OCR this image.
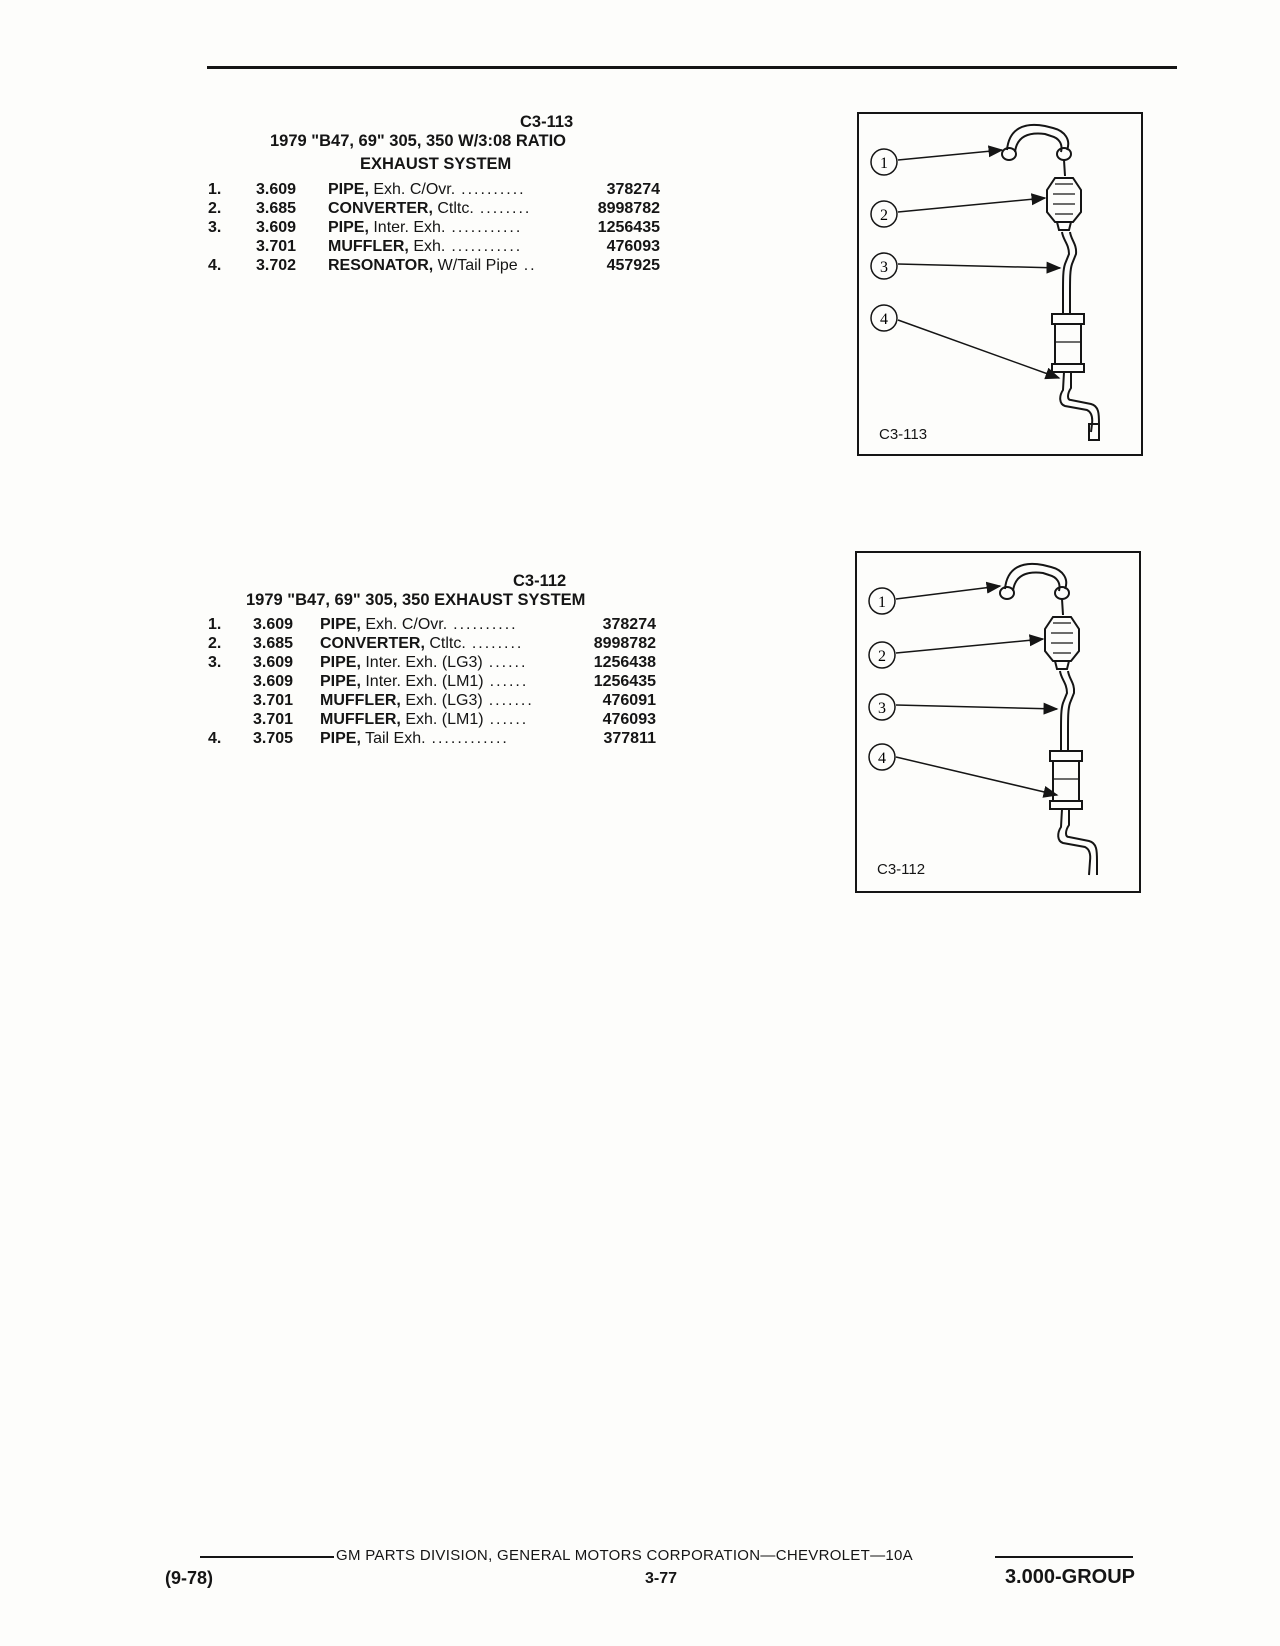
C3-113
1979 "B47, 69" 305, 350 W/3:08 RATIO
EXHAUST SYSTEM
1. 3.609 PIPE, Exh. C/Ovr. ..........	378274
2. 3.685 CONVERTER, Ctltc. ........	8998782
3. 3.609 PIPE, Inter. Exh. ...........	1256435
3.701 MUFFLER, Exh. ...........	476093
4. 3.702 RESONATOR, W/Tail Pipe ..	457925
1
2
3
4
C3-113
C3-112
1979 "B47, 69" 305, 350 EXHAUST SYSTEM
1. 3.609 PIPE, Exh. C/Ovr. ..........	378274
2. 3.685 CONVERTER, Ctltc. ........	8998782
3. 3.609 PIPE, Inter. Exh. (LG3) ......	1256438
3.609 PIPE, Inter. Exh. (LM1) ......	1256435
3.701 MUFFLER, Exh. (LG3) .......	476091
3.701 MUFFLER, Exh. (LM1) ......	476093
4. 3.705 PIPE, Tail Exh. ............	377811
1
2
3
4
C3-112
GM PARTS DIVISION, GENERAL MOTORS CORPORATION—CHEVROLET—10A
(9-78)	3-77	3.000-GROUP
